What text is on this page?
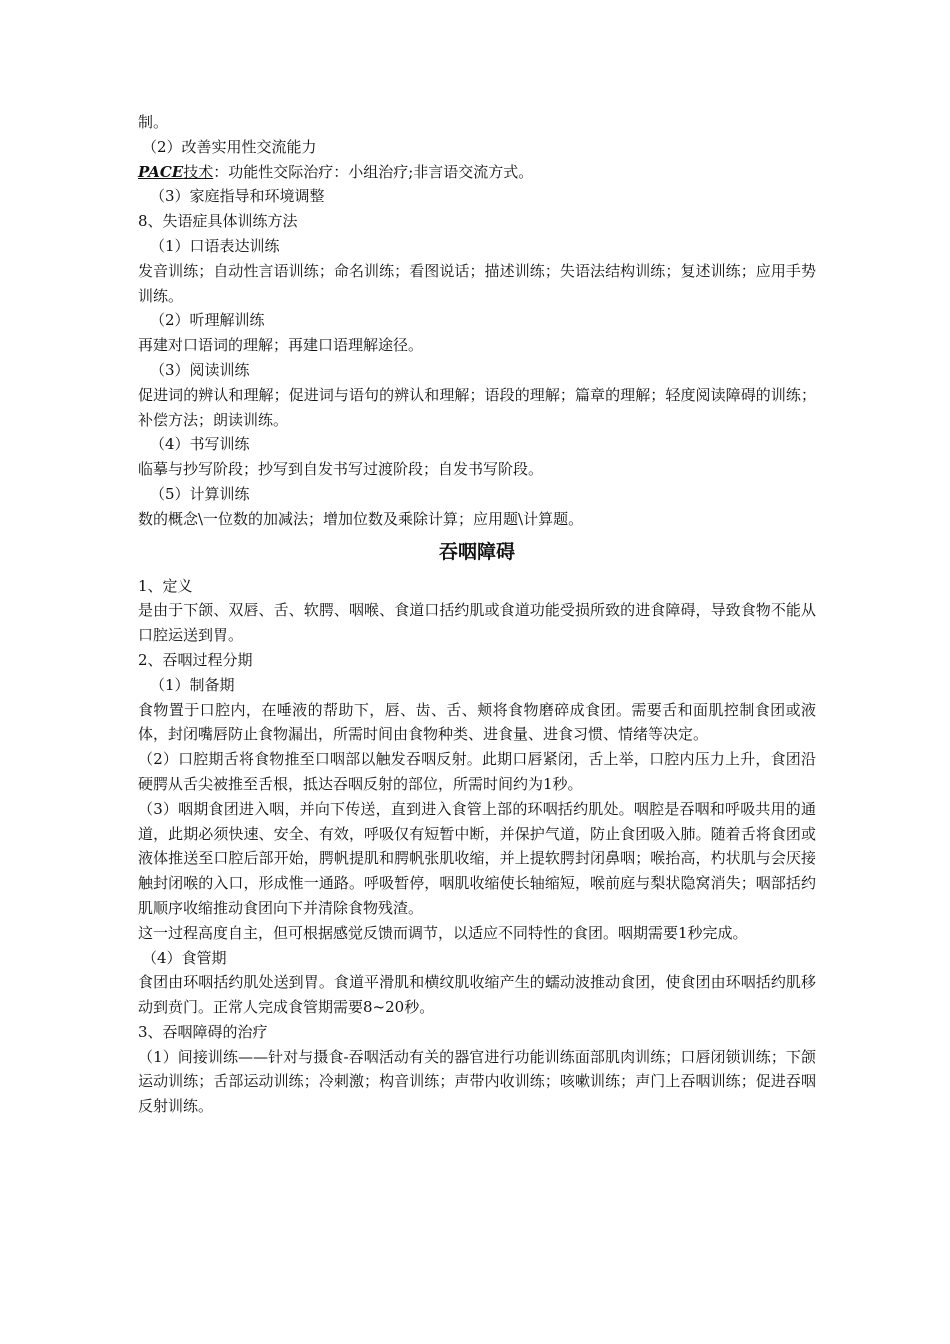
制。

（2）改善实用性交流能力

PACE技术：功能性交际治疗：小组治疗;非言语交流方式。

（3）家庭指导和环境调整

8、失语症具体训练方法

（1）口语表达训练

发音训练；自动性言语训练；命名训练；看图说话；描述训练；失语法结构训练；复述训练；应用手势训练。

（2）听理解训练

再建对口语词的理解；再建口语理解途径。

（3）阅读训练

促进词的辨认和理解；促进词与语句的辨认和理解；语段的理解；篇章的理解；轻度阅读障碍的训练；补偿方法；朗读训练。

（4）书写训练

临摹与抄写阶段；抄写到自发书写过渡阶段；自发书写阶段。

（5）计算训练

数的概念\一位数的加减法；增加位数及乘除计算；应用题\计算题。

吞咽障碍

1、定义

是由于下颌、双唇、舌、软腭、咽喉、食道口括约肌或食道功能受损所致的进食障碍，导致食物不能从口腔运送到胃。

2、吞咽过程分期

（1）制备期

食物置于口腔内，在唾液的帮助下，唇、齿、舌、颊将食物磨碎成食团。需要舌和面肌控制食团或液体，封闭嘴唇防止食物漏出，所需时间由食物种类、进食量、进食习惯、情绪等决定。

（2）口腔期舌将食物推至口咽部以触发吞咽反射。此期口唇紧闭，舌上举，口腔内压力上升，食团沿硬腭从舌尖被推至舌根，抵达吞咽反射的部位，所需时间约为1秒。

（3）咽期食团进入咽，并向下传送，直到进入食管上部的环咽括约肌处。咽腔是吞咽和呼吸共用的通道，此期必须快速、安全、有效，呼吸仅有短暂中断，并保护气道，防止食团吸入肺。随着舌将食团或液体推送至口腔后部开始，腭帆提肌和腭帆张肌收缩，并上提软腭封闭鼻咽；喉抬高，杓状肌与会厌接触封闭喉的入口，形成惟一通路。呼吸暂停，咽肌收缩使长轴缩短，喉前庭与梨状隐窝消失；咽部括约肌顺序收缩推动食团向下并清除食物残渣。

这一过程高度自主，但可根据感觉反馈而调节，以适应不同特性的食团。咽期需要1秒完成。

（4）食管期

食团由环咽括约肌处送到胃。食道平滑肌和横纹肌收缩产生的蠕动波推动食团，使食团由环咽括约肌移动到贲门。正常人完成食管期需要8~20秒。

3、吞咽障碍的治疗

（1）间接训练——针对与摄食-吞咽活动有关的器官进行功能训练面部肌肉训练；口唇闭锁训练；下颌运动训练；舌部运动训练；冷刺激；构音训练；声带内收训练；咳嗽训练；声门上吞咽训练；促进吞咽反射训练。
